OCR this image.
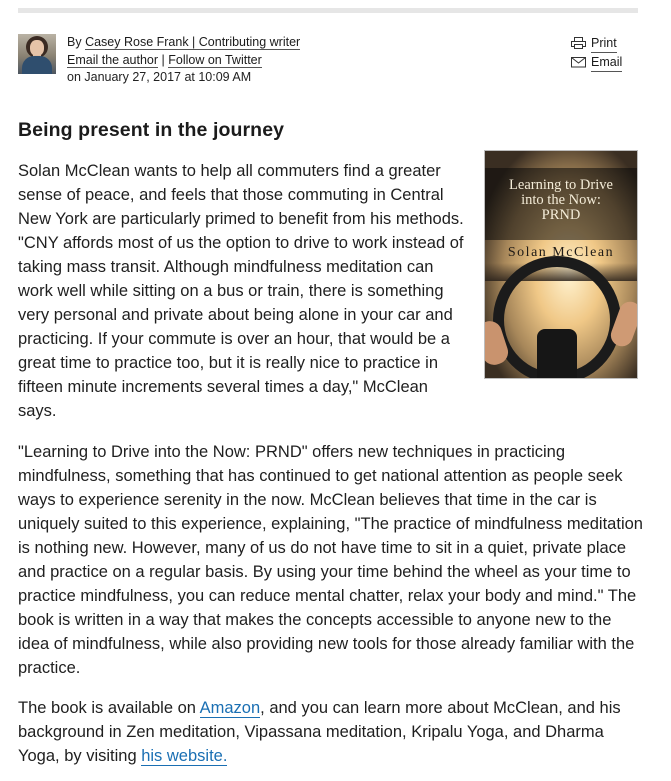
By Casey Rose Frank | Contributing writer
Email the author | Follow on Twitter
on January 27, 2017 at 10:09 AM
Print
Email
Being present in the journey

Solan McClean wants to help all commuters find a greater sense of peace, and feels that those commuting in Central New York are particularly primed to benefit from his methods. "CNY affords most of us the option to drive to work instead of taking mass transit. Although mindfulness meditation can work well while sitting on a bus or train, there is something very personal and private about being alone in your car and practicing. If your commute is over an hour, that would be a great time to practice too, but it is really nice to practice in fifteen minute increments several times a day," McClean says.

Learning to Drive
into the Now:
PRND
Solan McClean

"Learning to Drive into the Now: PRND" offers new techniques in practicing mindfulness, something that has continued to get national attention as people seek ways to experience serenity in the now. McClean believes that time in the car is uniquely suited to this experience, explaining, "The practice of mindfulness meditation is nothing new. However, many of us do not have time to sit in a quiet, private place and practice on a regular basis. By using your time behind the wheel as your time to practice mindfulness, you can reduce mental chatter, relax your body and mind." The book is written in a way that makes the concepts accessible to anyone new to the idea of mindfulness, while also providing new tools for those already familiar with the practice.

The book is available on Amazon, and you can learn more about McClean, and his background in Zen meditation, Vipassana meditation, Kripalu Yoga, and Dharma Yoga, by visiting his website.
